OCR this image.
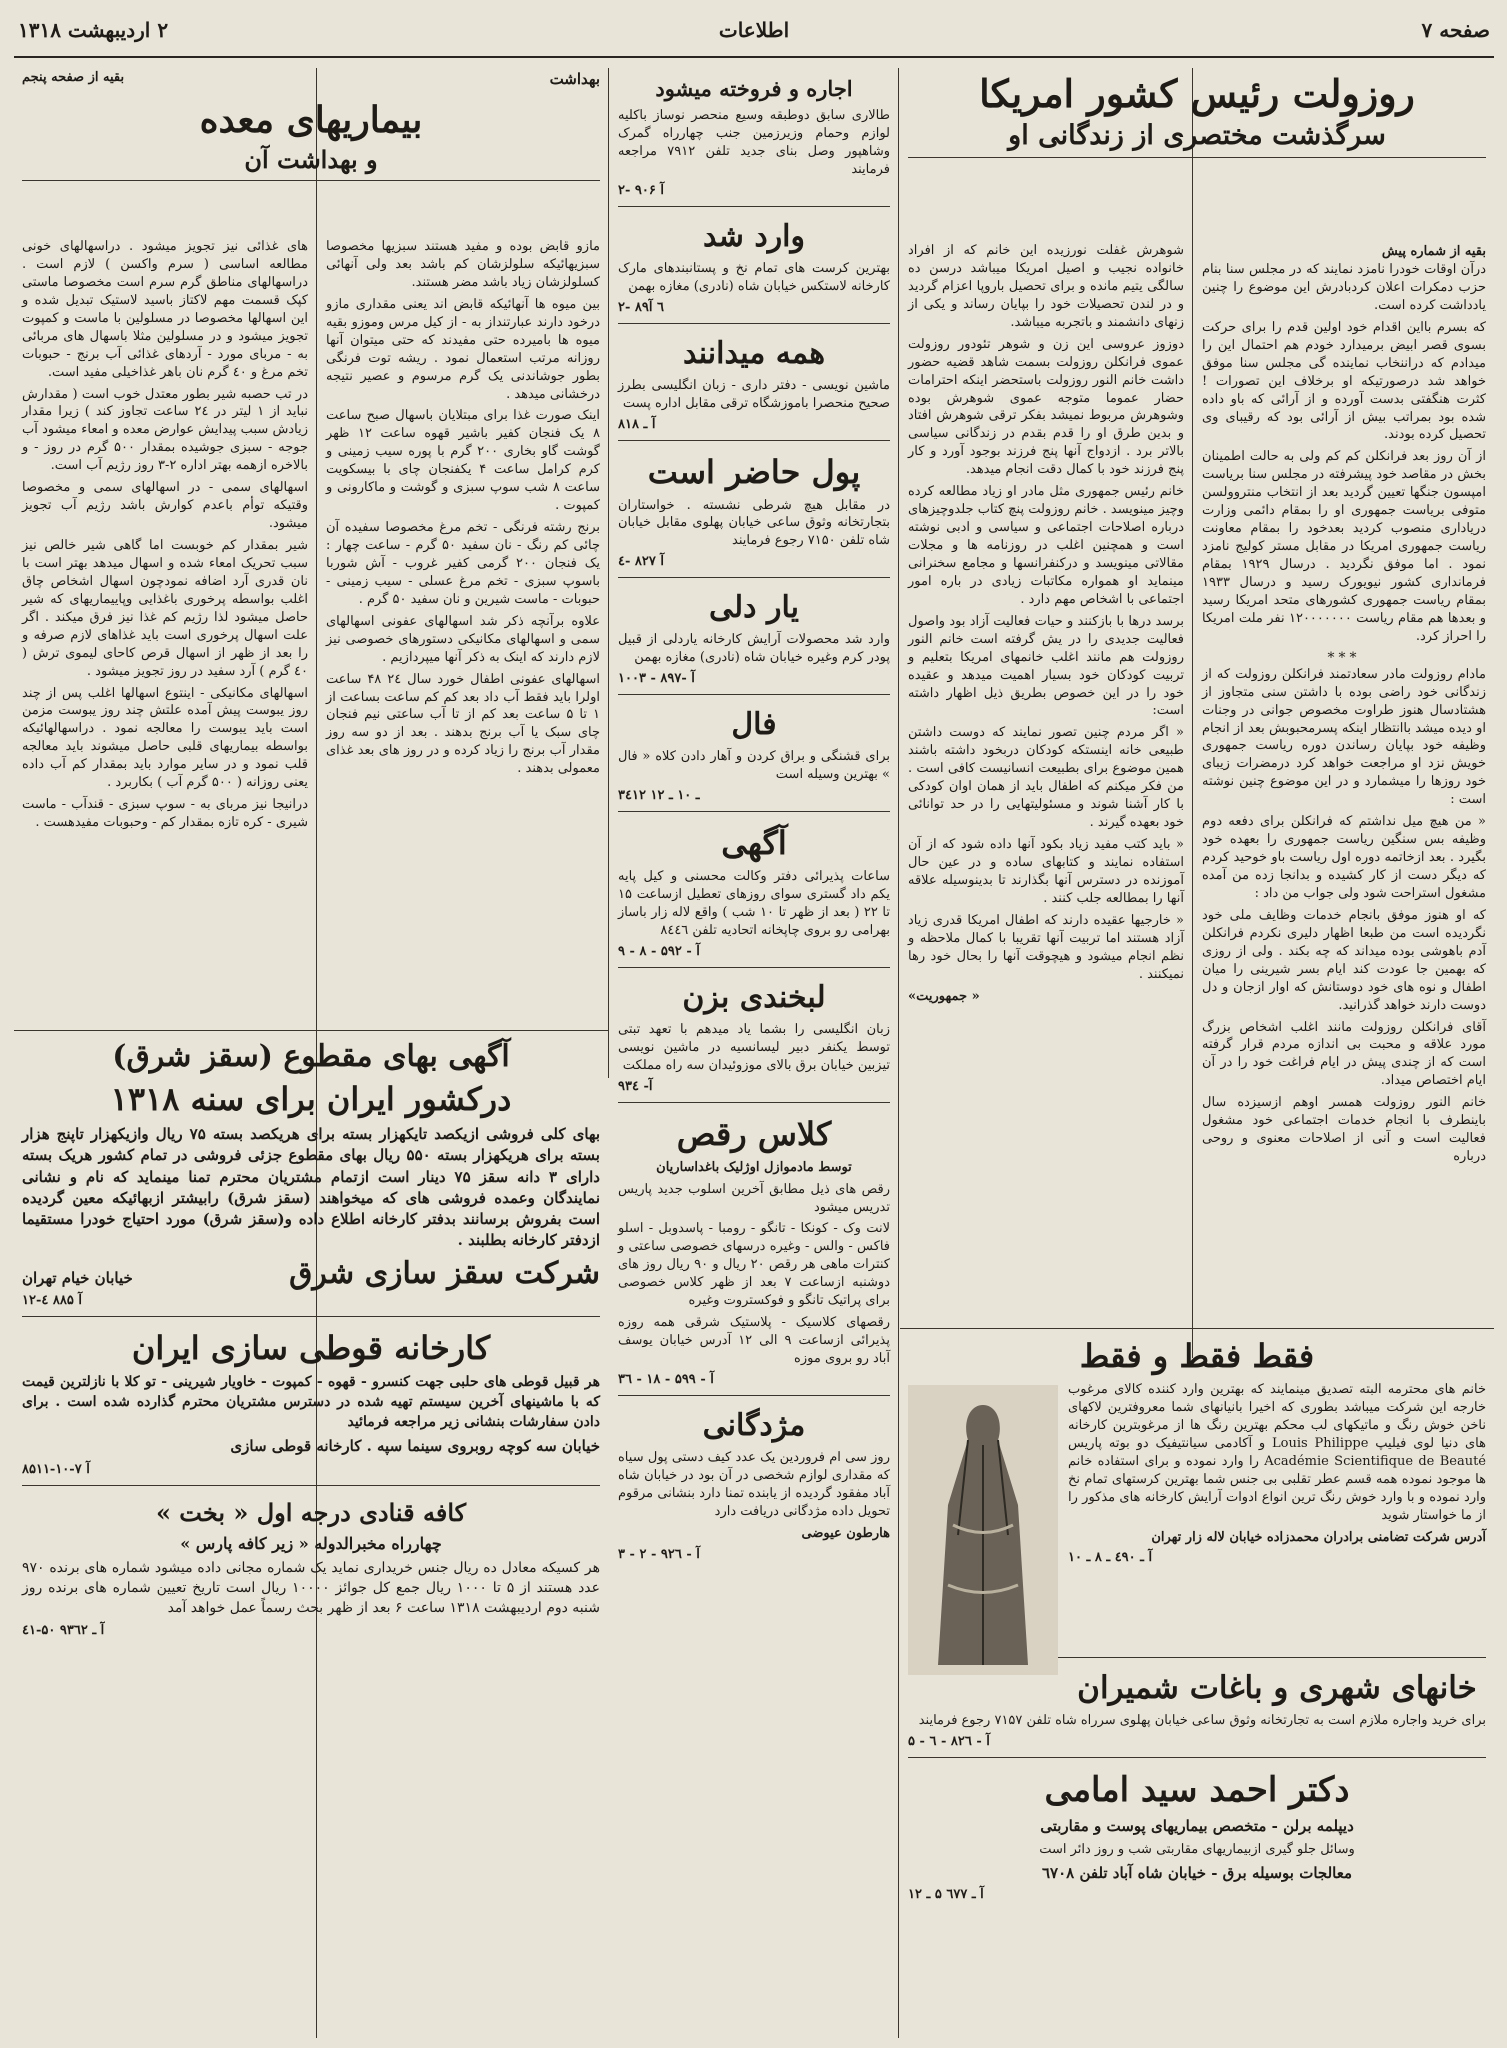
صفحه ۷
اطلاعات
۲ اردیبهشت ۱۳۱۸
روزولت رئیس کشور امریکا
سرگذشت مختصری از زندگانی او
بقیه از شماره پیش

درآن اوقات خودرا نامزد نمایند که در مجلس سنا بنام حزب دمکرات اعلان کردبادرش این موضوع را چنین یادداشت کرده است.

که بسرم بااین اقدام خود اولین قدم را برای حرکت بسوی قصر ابیض برمیدارد خودم هم احتمال این را میدادم که دراننخاب نماینده گی مجلس سنا موفق خواهد شد درصورتیکه او برخلاف این تصورات ! کثرت هنگفتی بدست آورده و از آرائی که باو داده شده بود بمراتب بیش از آرائی بود که رقیبای وی تحصیل کرده بودند.

از آن روز بعد فرانکلن کم کم ولی به حالت اطمینان بخش در مقاصد خود پیشرفته در مجلس سنا بریاست امپسون جنگها تعیین گردید بعد از انتخاب منتروولسن متوفی بریاست جمهوری او را بمقام دائمی وزارت دریاداری منصوب کردید بعدخود را بمقام معاونت ریاست جمهوری امریکا در مقابل مستر کولیج نامزد نمود . اما موفق نگردید . درسال ۱۹۲۹ بمقام فرمانداری کشور نیویورک رسید و درسال ۱۹۳۳ بمقام ریاست جمهوری کشورهای متحد امریکا رسید و بعدها هم مقام ریاست ۱۲۰۰۰۰۰۰۰ نفر ملت امریکا را احراز کرد.

***

مادام روزولت مادر سعادتمند فرانکلن روزولت که از زندگانی خود راضی بوده با داشتن سنی متجاوز از هشتادسال هنوز طراوت مخصوص جوانی در وجنات او دیده میشد باانتظار اینکه پسرمحبوبش بعد از انجام وظیفه خود بپایان رساندن دوره ریاست جمهوری خویش نزد او مراجعت خواهد کرد درمضرات زیبای خود روزها را میشمارد و در این موضوع چنین نوشته است :

« من هیچ میل نداشتم که فرانکلن برای دفعه دوم وظیفه بس سنگین ریاست جمهوری را بعهده خود بگیرد . بعد ازخاتمه دوره اول ریاست باو خوحید کردم که دیگر دست از کار کشیده و بدانجا زده من آمده مشغول استراحت شود ولی جواب من داد :

که او هنوز موفق بانجام خدمات وظایف ملی خود نگردیده است من طبعا اظهار دلیری نکردم فرانکلن آدم باهوشی بوده میداند که چه بکند . ولی از روزی که بهمین جا عودت کند ایام بسر شیرینی را میان اطفال و نوه های خود دوستانش که اوار ازجان و دل دوست دارند خواهد گذرانید.

آقای فرانکلن روزولت مانند اغلب اشخاص بزرگ مورد علاقه و محبت بی اندازه مردم قرار گرفته است که از چندی پیش در ایام فراغت خود را در آن ایام اختصاص میداد.

خانم النور روزولت همسر اوهم ازسیزده سال باینطرف با انجام خدمات اجتماعی خود مشغول فعالیت است و آنی از اصلاحات معنوی و روحی درباره

شوهرش غفلت نورزیده این خانم که از افراد خانواده نجیب و اصیل امریکا میباشد درسن ده سالگی یتیم مانده و برای تحصیل باروپا اعزام گردید و در لندن تحصیلات خود را بپایان رساند و یکی از زنهای دانشمند و باتجربه میباشد.

دوزوز عروسی این زن و شوهر تئودور روزولت عموی فرانکلن روزولت بسمت شاهد قضیه حضور داشت خانم النور روزولت باستحضر اینکه احترامات حضار عموما متوجه عموی شوهرش بوده وشوهرش مربوط نمیشد بفکر ترقی شوهرش افتاد و بدین طرق او را قدم بقدم در زندگانی سیاسی بالاتر برد . ازدواج آنها پنج فرزند بوجود آورد و کار پنج فرزند خود با کمال دقت انجام میدهد.

خانم رئیس جمهوری مثل مادر او زیاد مطالعه کرده وچیز مینویسد . خانم روزولت پنچ کتاب جلدوچیزهای درباره اصلاحات اجتماعی و سیاسی و ادبی نوشته است و همچنین اغلب در روزنامه ها و مجلات مقالاتی مینویسد و درکنفرانسها و مجامع سخنرانی مینماید او همواره مکاتبات زیادی در باره امور اجتماعی با اشخاص مهم دارد .

برسد درها با بازکنند و حیات فعالیت آزاد بود واصول فعالیت جدیدی را در یش گرفته است خانم النور روزولت هم مانند اغلب خانمهای امریکا بتعلیم و تربیت کودکان خود بسیار اهمیت میدهد و عقیده خود را در این خصوص بطریق ذیل اظهار داشته است:

« اگر مردم چنین تصور نمایند که دوست داشتن طبیعی خانه اینستکه کودکان دربخود داشته باشند همین موضوع برای بطبیعت انسانیست کافی است . من فکر میکنم که اطفال باید از همان اوان کودکی با کار آشنا شوند و مسئولیتهایی را در حد توانائی خود بعهده گیرند .

« باید کتب مفید زیاد بکود آنها داده شود که از آن استفاده نمایند و کتابهای ساده و در عین حال آموزنده در دسترس آنها بگذارند تا بدینوسیله علاقه آنها را بمطالعه جلب کنند .

« خارجیها عقیده دارند که اطفال امریکا قدری زیاد آزاد هستند اما تربیت آنها تقریبا با کمال ملاحظه و نظم انجام میشود و هیچوقت آنها را بحال خود رها نمیکنند .

« جمهوریت»

فقط فقط و فقط

خانم های محترمه البته تصدیق مینمایند که بهترین وارد کننده کالای مرغوب خارجه این شرکت میباشد بطوری که اخیرا بانیانهای شما معروفترین لاکهای ناخن خوش رنگ و ماتیکهای لب محکم بهترین رنگ ها از مرغوبترین کارخانه های دنیا لوی فیلیپ Louis Philippe و آکادمی سیانتیفیک دو بوته پاریس Académie Scientifique de Beauté را وارد نموده و برای استفاده خانم ها موجود نموده همه قسم عطر تقلبی بی جنس شما بهترین کرستهای تمام نخ وارد نموده و با وارد خوش رنگ ترین انواع ادوات آرایش کارخانه های مذکور را از ما خواستار شوید

آدرس شرکت تضامنی برادران محمدزاده خیابان لاله زار تهران

آ ـ ٤۹۰ ـ ۸ ـ ۱۰
خانهای شهری و باغات شمیران

برای خرید واجاره ملازم است به تجارتخانه وثوق ساعی خیابان پهلوی سرراه شاه تلفن ۷۱۵۷ رجوع فرمایند

آ - ۸۲٦ - ٦ - ۵
دکتر احمد سید امامی

دیپلمه برلن - متخصص بیماریهای پوست و مقاربتی

وسائل جلو گیری ازبیماریهای مقاربتی شب و روز دائر است

معالجات بوسیله برق - خیابان شاه آباد تلفن ٦۷۰۸

آ ـ ٦۷۷ ۵ ـ ۱۲
اجاره و فروخته میشود

طالاری سابق دوطبقه وسیع منحصر نوساز باکلیه لوازم وحمام وزیرزمین جنب چهارراه گمرک وشاهپور وصل بنای جدید تلفن ۷۹۱۲ مراجعه فرمایند

۲- ۹۰۶ آ
وارد شد

بهترین کرست های تمام نخ و پستانبندهای مارک کارخانه لاستکس خیابان شاه (نادری) مغازه بهمن

۲- ۸۹٦ آ
همه میدانند

ماشین نویسی - دفتر داری - زبان انگلیسی بطرز صحیح منحصرا باموزشگاه ترقی مقابل اداره پست

آ ـ ۸۱۸
پول حاضر است

در مقابل هیچ شرطی نشسته . خواستاران بتجارتخانه وثوق ساعی خیابان پهلوی مقابل خیابان شاه تلفن ۷۱۵۰ رجوع فرمایند

٤- ۸۲۷ آ
یار دلی

وارد شد محصولات آرایش کارخانه یاردلی از قبیل پودر کرم وغیره خیابان شاه (نادری) مغازه بهمن

آ -۸۹۷ - ۱۰۰۳
فال

برای قشنگی و براق کردن و آهار دادن کلاه « فال » بهترین وسیله است

۳٤۱۲ ـ ۱۰ ـ ۱۲
آگهی

ساعات پذیرائی دفتر وکالت محسنی و کیل پایه یکم داد گستری سوای روزهای تعطیل ازساعت ۱۵ تا ۲۲ ( بعد از ظهر تا ۱۰ شب ) واقع لاله زار باساز بهرامی رو بروی چاپخانه اتحادیه تلفن ۸٤٤٦

آ - ۵۹۲ - ۸ - ۹
لبخندی بزن

زبان انگلیسی را بشما یاد میدهم با تعهد تبتی توسط یکنفر دبیر لیسانسیه در ماشین نویسی تیزبین خیابان برق بالای موزوئیدان سه راه مملکت

آ- ۹۳٤
کلاس رقص

توسط مادموازل اوژلیک باغداساریان

رقص های ذیل مطابق آخرین اسلوب جدید پاریس تدریس میشود

لانت وک - کونکا - تانگو - رومبا - پاسدوبل - اسلو فاکس - والس - وغیره درسهای خصوصی ساعتی و کنترات ماهی هر رقص ۲۰ ریال و ۹۰ ریال روز های دوشنبه ازساعت ۷ بعد از ظهر کلاس خصوصی برای پراتیک تانگو و فوکستروت وغیره

رقصهای کلاسیک - پلاستیک شرقی همه روزه پذیرائی ازساعت ۹ الی ۱۲ آدرس خیابان یوسف آباد رو بروی موزه

آ - ۵۹۹ - ۱۸ - ۳٦
مژدگانی

روز سی ام فروردین یک عدد کیف دستی پول سیاه که مقداری لوازم شخصی در آن بود در خیابان شاه آباد مفقود گردیده از یابنده تمنا دارد بنشانی مرقوم تحویل داده مژدگانی دریافت دارد

هارطون عیوضی

آ - ۹۲٦ - ۲ - ۳
بهداشت
بقیه از صفحه پنجم
بیماریهای معده
و بهداشت آن

مازو قابض بوده و مفید هستند سبزیها مخصوصا سبزیهائیکه سلولزشان کم باشد بعد ولی آنهائی کسلولزشان زیاد باشد مضر هستند.

بین میوه ها آنهائیکه قابض اند یعنی مقداری مازو درخود دارند عبارتنداز به - از کیل مرس وموزو بقیه میوه ها بامیرده حتی مفیدند که حتی میتوان آنها روزانه مرتب استعمال نمود . ریشه توت فرنگی بطور جوشاندنی یک گرم مرسوم و عصیر نتیجه درخشانی میدهد .

اینک صورت غذا برای مبتلایان باسهال صبح ساعت ۸ یک فنجان کفیر باشیر قهوه ساعت ۱۲ ظهر گوشت گاو بخاری ۲۰۰ گرم با پوره سیب زمینی و کرم کرامل ساعت ۴ یکفنجان چای با بیسکویت ساعت ۸ شب سوپ سبزی و گوشت و ماکارونی و کمپوت .

برنج رشته فرنگی - تخم مرغ مخصوصا سفیده آن چائی کم رنگ - نان سفید ۵۰ گرم - ساعت چهار : یک فنجان ۲۰۰ گرمی کفیر غروب - آش شوربا باسوپ سبزی - تخم مرغ عسلی - سیب زمینی - حبوبات - ماست شیرین و نان سفید ۵۰ گرم .

علاوه برآنچه ذکر شد اسهالهای عفونی اسهالهای سمی و اسهالهای مکانیکی دستورهای خصوصی نیز لازم دارند که اینک به ذکر آنها میپردازیم .

اسهالهای عفونی اطفال خورد سال ۲٤ ۴۸ ساعت اولرا باید فقط آب داد بعد کم کم ساعت بساعت از ۱ تا ۵ ساعت بعد کم از تا آب ساعتی نیم فنجان چای سبک یا آب برنج بدهند . بعد از دو سه روز مقدار آب برنج را زیاد کرده و در روز های بعد غذای معمولی بدهند .

های غذائی نیز تجویز میشود . دراسهالهای خونی مطالعه اساسی ( سرم واکسن ) لازم است . دراسهالهای مناطق گرم سرم است مخصوصا ماستی کپک قسمت مهم لاکتاز باسید لاستیک تبدیل شده و این اسهالها مخصوصا در مسلولین با ماست و کمپوت تجویز میشود و در مسلولین مثلا باسهال های مربائی به - مربای مورد - آردهای غذائی آب برنج - حبوبات تخم مرغ و ٤۰ گرم نان باهر غذاخیلی مفید است.

در تب حصبه شیر بطور معتدل خوب است ( مقدارش نباید از ۱ لیتر در ۲٤ ساعت تجاوز کند ) زیرا مقدار زیادش سبب پیدایش عوارض معده و امعاء میشود آب جوجه - سبزی جوشیده بمقدار ۵۰۰ گرم در روز - و بالاخره ازهمه بهتر اداره ۲-۳ روز رژیم آب است.

اسهالهای سمی - در اسهالهای سمی و مخصوصا وقتیکه توأم باعدم کوارش باشد رژیم آب تجویز میشود.

شیر بمقدار کم خوبست اما گاهی شیر خالص نیز سبب تحریک امعاء شده و اسهال میدهد بهتر است با نان قدری آرد اضافه نمودچون اسهال اشخاص چاق اغلب بواسطه پرخوری باغذایی وپاییماریهای که شیر حاصل میشود لذا رژیم کم غذا نیز فرق میکند . اگر علت اسهال پرخوری است باید غذاهای لازم صرفه و را بعد از ظهر از اسهال قرص کاحای لیموی ترش ( ٤۰ گرم ) آرد سفید در روز تجویز میشود .

اسهالهای مکانیکی - اینتوع اسهالها اغلب پس از چند روز یبوست پیش آمده علتش چند روز یبوست مزمن است باید یبوست را معالجه نمود . دراسهالهائیکه بواسطه بیماریهای قلبی حاصل میشوند باید معالجه قلب نمود و در سایر موارد باید بمقدار کم آب داده یعنی روزانه ( ۵۰۰ گرم آب ) بکاربرد .

درانیجا نیز مربای به - سوپ سبزی - قندآب - ماست شیری - کره تازه بمقدار کم - وحبوبات مفیدهست .

آگهی بهای مقطوع (سقز شرق)
درکشور ایران برای سنه ۱۳۱۸

بهای کلی فروشی ازیکصد تایکهزار بسته برای هریکصد بسته ۷۵ ریال وازیکهزار تاپنج هزار بسته برای هریکهزار بسته ۵۵۰ ریال بهای مقطوع جزئی فروشی در تمام کشور هریک بسته دارای ۳ دانه سقز ۷۵ دینار است ازتمام مشتریان محترم تمنا مینماید که نام و نشانی نمایندگان وعمده فروشی های که میخواهند (سقز شرق) رابیشتر ازبهائیکه معین گردیده است بفروش برسانند بدفتر کارخانه اطلاع داده و(سقز شرق) مورد احتیاج خودرا مستقیما ازدفتر کارخانه بطلبند .

شرکت سقز سازی شرق
خیابان خیام تهران
۱۲-٤ ۸۸۵ آ
کارخانه قوطی سازی ایران

هر قبیل قوطی های حلبی جهت کنسرو - قهوه - کمپوت - خاویار شیرینی - تو کلا با نازلترین قیمت که با ماشینهای آخرین سیستم تهیه شده در دسترس مشتریان محترم گذارده شده است . برای دادن سفارشات بنشانی زیر مراجعه فرمائید

خیابان سه کوچه روبروی سینما سپه . کارخانه قوطی سازی

۸۵۱۱-آ ۷-۱۰
کافه قنادی درجه اول « بخت »

چهارراه مخبرالدوله « زیر کافه پارس »

هر کسیکه معادل ده ریال جنس خریداری نماید یک شماره مجانی داده میشود شماره های برنده ۹۷۰ عدد هستند از ۵ تا ۱۰۰۰ ریال جمع کل جوائز ۱۰۰۰۰ ریال است تاریخ تعیین شماره های برنده روز شنبه دوم اردیبهشت ۱۳۱۸ ساعت ۶ بعد از ظهر بحث رسماً عمل خواهد آمد

آ ـ ۹۳٦۲ ۵۰-٤۱
